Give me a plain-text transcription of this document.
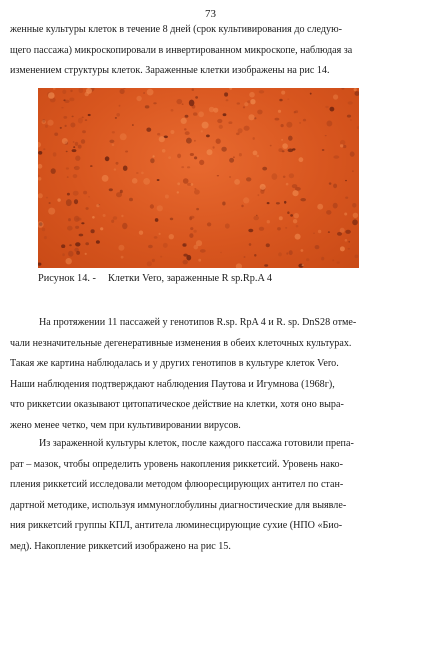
73
женные культуры клеток в течение 8 дней (срок культивирования до следую-
щего пассажа) микроскопировали в инвертированном микроскопе, наблюдая за
изменением структуры клеток. Зараженные клетки изображены на рис 14.
Рисунок 14. - Клетки Vero, зараженные R sp.Rp.A 4
На протяжении 11 пассажей у генотипов R.sp. RpA 4 и R. sp. DnS28 отме-
чали незначительные дегенеративные изменения в обеих клеточных культурах.
Такая же картина наблюдалась и у других генотипов в культуре клеток Vero.
Наши наблюдения подтверждают наблюдения Паутова и Игумнова (1968г),
что риккетсии оказывают цитопатическое действие на клетки, хотя оно выра-
жено менее четко, чем при культивировании вирусов.
Из зараженной культуры клеток, после каждого пассажа готовили препа-
рат – мазок, чтобы определить уровень накопления риккетсий. Уровень нако-
пления риккетсий исследовали методом флюоресцирующих антител по стан-
дартной методике, используя иммуноглобулины диагностические для выявле-
ния риккетсий группы КПЛ, антитела люминесцирующие сухие (НПО «Био-
мед). Накопление риккетсий изображено на рис 15.
